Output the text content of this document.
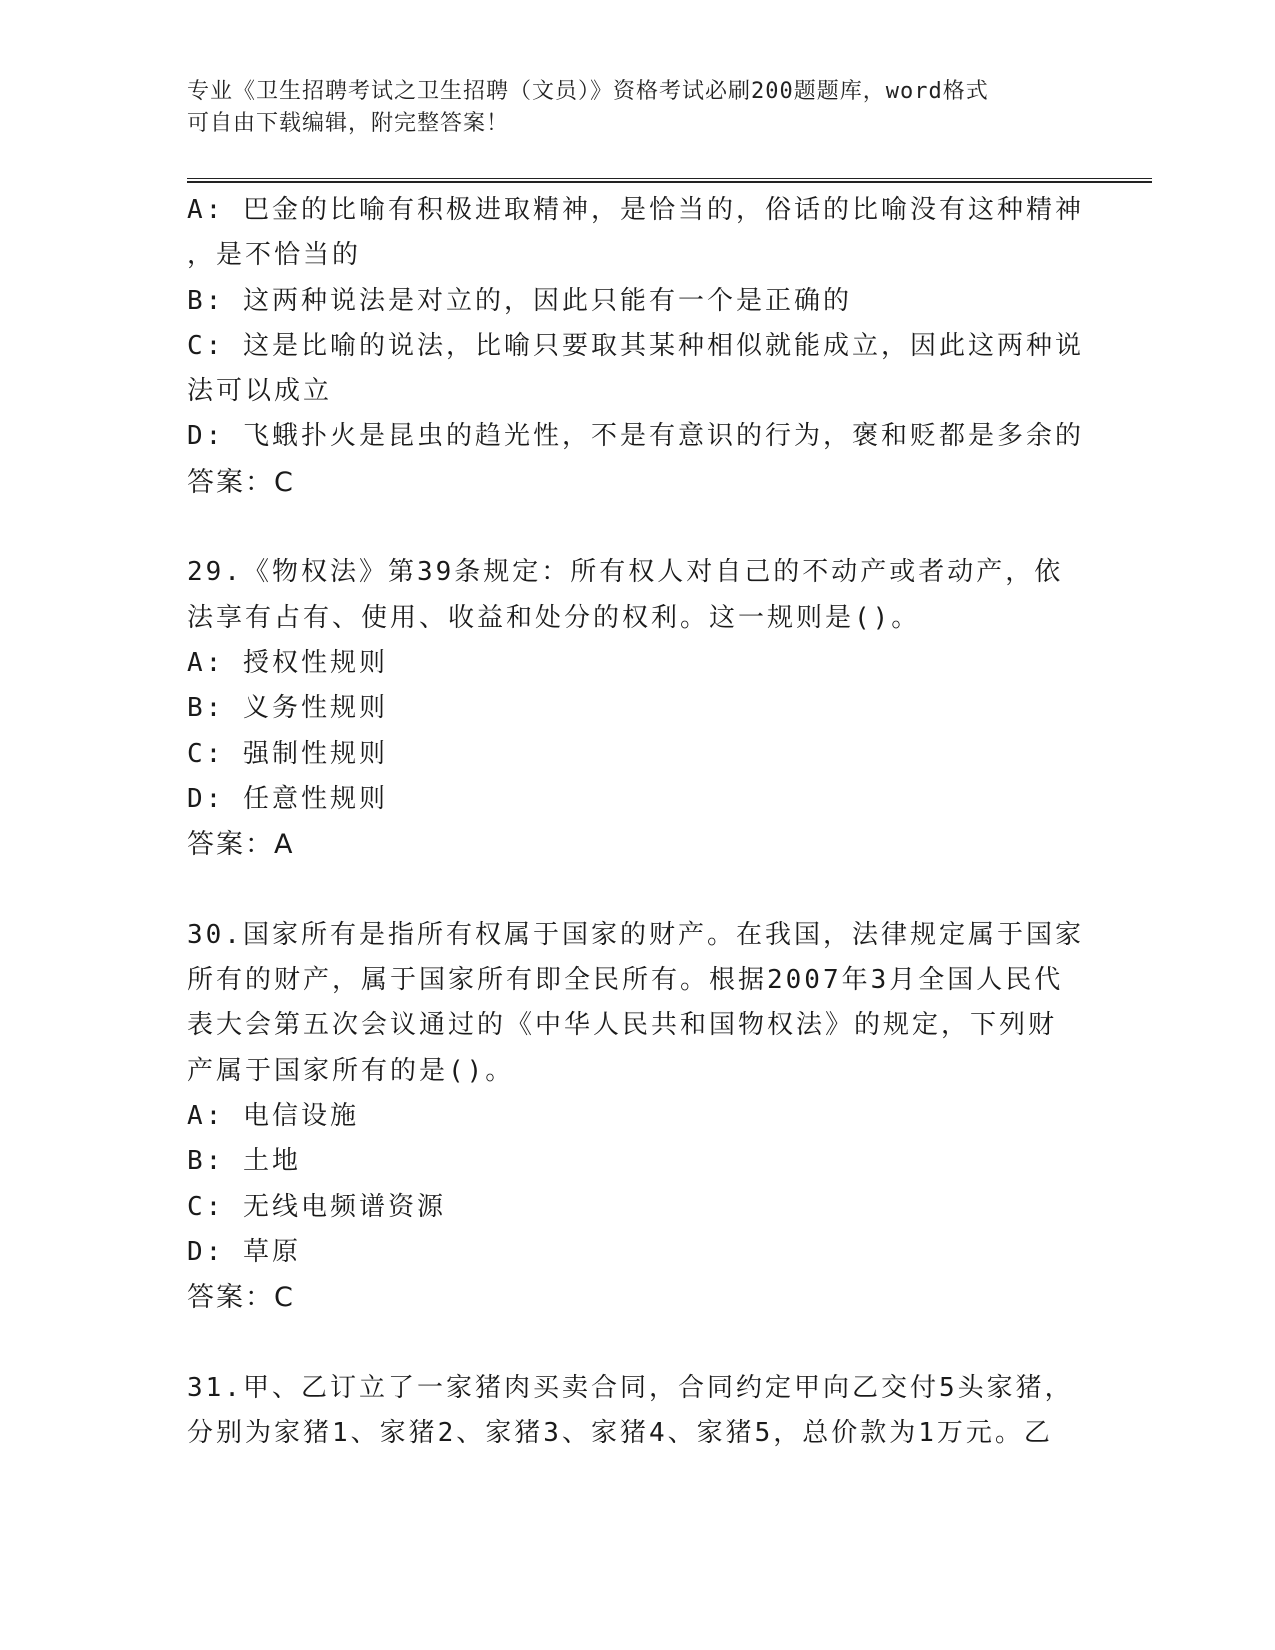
专业《卫生招聘考试之卫生招聘（文员）》资格考试必刷200题题库，word格式
可自由下载编辑，附完整答案！
A: 巴金的比喻有积极进取精神，是恰当的，俗话的比喻没有这种精神
，是不恰当的
B: 这两种说法是对立的，因此只能有一个是正确的
C: 这是比喻的说法，比喻只要取其某种相似就能成立，因此这两种说
法可以成立
D: 飞蛾扑火是昆虫的趋光性，不是有意识的行为，褒和贬都是多余的
答案：C
29.《物权法》第39条规定：所有权人对自己的不动产或者动产，依
法享有占有、使用、收益和处分的权利。这一规则是()。
A: 授权性规则
B: 义务性规则
C: 强制性规则
D: 任意性规则
答案：A
30.国家所有是指所有权属于国家的财产。在我国，法律规定属于国家
所有的财产，属于国家所有即全民所有。根据2007年3月全国人民代
表大会第五次会议通过的《中华人民共和国物权法》的规定，下列财
产属于国家所有的是()。
A: 电信设施
B: 土地
C: 无线电频谱资源
D: 草原
答案：C
31.甲、乙订立了一家猪肉买卖合同，合同约定甲向乙交付5头家猪，
分别为家猪1、家猪2、家猪3、家猪4、家猪5，总价款为1万元。乙
